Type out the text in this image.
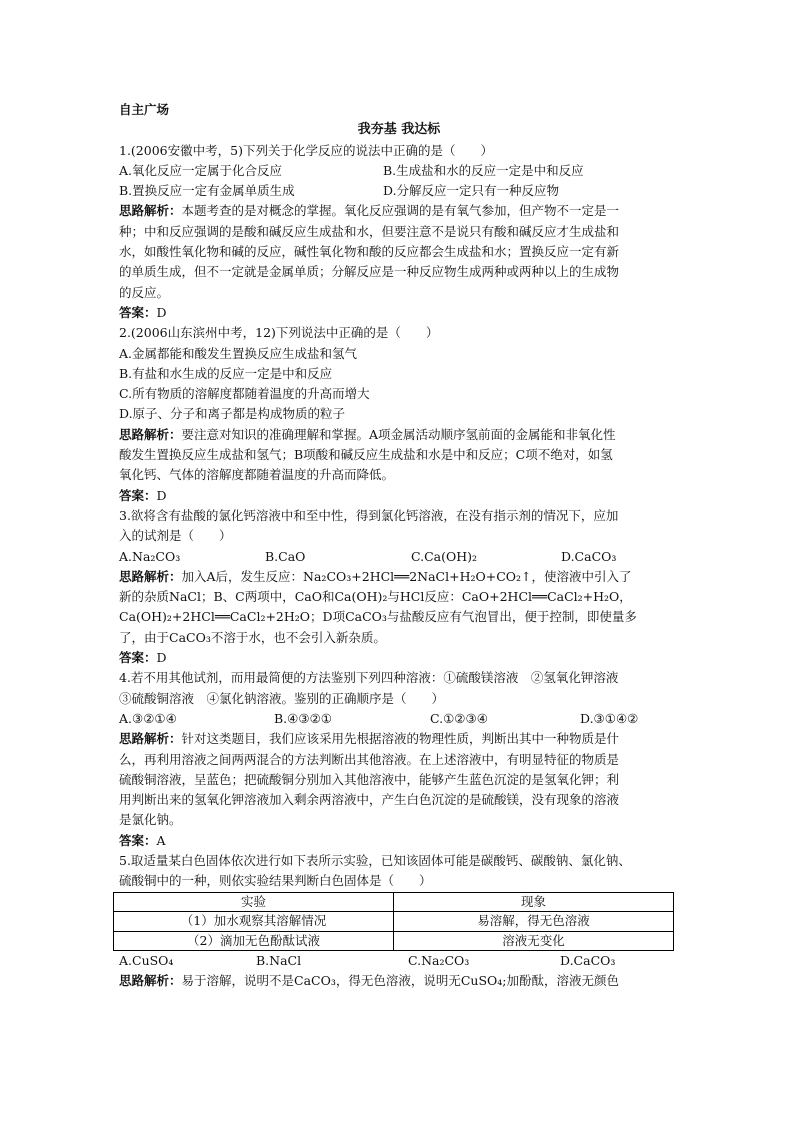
自主广场
我夯基 我达标
1.(2006安徽中考，5)下列关于化学反应的说法中正确的是（　　）
A.氧化反应一定属于化合反应	B.生成盐和水的反应一定是中和反应
B.置换反应一定有金属单质生成	D.分解反应一定只有一种反应物
思路解析：本题考查的是对概念的掌握。氧化反应强调的是有氧气参加，但产物不一定是一
种；中和反应强调的是酸和碱反应生成盐和水，但要注意不是说只有酸和碱反应才生成盐和
水，如酸性氧化物和碱的反应，碱性氧化物和酸的反应都会生成盐和水；置换反应一定有新
的单质生成，但不一定就是金属单质；分解反应是一种反应物生成两种或两种以上的生成物
的反应。
答案：D
2.(2006山东滨州中考，12)下列说法中正确的是（　　）
A.金属都能和酸发生置换反应生成盐和氢气
B.有盐和水生成的反应一定是中和反应
C.所有物质的溶解度都随着温度的升高而增大
D.原子、分子和离子都是构成物质的粒子
思路解析：要注意对知识的准确理解和掌握。A项金属活动顺序氢前面的金属能和非氧化性
酸发生置换反应生成盐和氢气；B项酸和碱反应生成盐和水是中和反应；C项不绝对，如氢
氧化钙、气体的溶解度都随着温度的升高而降低。
答案：D
3.欲将含有盐酸的氯化钙溶液中和至中性，得到氯化钙溶液，在没有指示剂的情况下，应加
入的试剂是（　　）
A.Na₂CO₃	B.CaO	C.Ca(OH)₂	D.CaCO₃
思路解析：加入A后，发生反应：Na₂CO₃+2HCl══2NaCl+H₂O+CO₂↑，使溶液中引入了
新的杂质NaCl；B、C两项中，CaO和Ca(OH)₂与HCl反应：CaO+2HCl══CaCl₂+H₂O，
Ca(OH)₂+2HCl══CaCl₂+2H₂O；D项CaCO₃与盐酸反应有气泡冒出，便于控制，即使量多
了，由于CaCO₃不溶于水，也不会引入新杂质。
答案：D
4.若不用其他试剂，而用最简便的方法鉴别下列四种溶液：①硫酸镁溶液　②氢氧化钾溶液
③硫酸铜溶液　④氯化钠溶液。鉴别的正确顺序是（　　）
A.③②①④	B.④③②①	C.①②③④	D.③①④②
思路解析：针对这类题目，我们应该采用先根据溶液的物理性质，判断出其中一种物质是什
么，再利用溶液之间两两混合的方法判断出其他溶液。在上述溶液中，有明显特征的物质是
硫酸铜溶液，呈蓝色；把硫酸铜分别加入其他溶液中，能够产生蓝色沉淀的是氢氧化钾；利
用判断出来的氢氧化钾溶液加入剩余两溶液中，产生白色沉淀的是硫酸镁，没有现象的溶液
是氯化钠。
答案：A
5.取适量某白色固体依次进行如下表所示实验，已知该固体可能是碳酸钙、碳酸钠、氯化钠、
硫酸铜中的一种，则依实验结果判断白色固体是（　　）
实验	现象
（1）加水观察其溶解情况	易溶解，得无色溶液
（2）滴加无色酚酞试液	溶液无变化
A.CuSO₄	B.NaCl	C.Na₂CO₃	D.CaCO₃
思路解析：易于溶解，说明不是CaCO₃，得无色溶液，说明无CuSO₄;加酚酞，溶液无颜色
